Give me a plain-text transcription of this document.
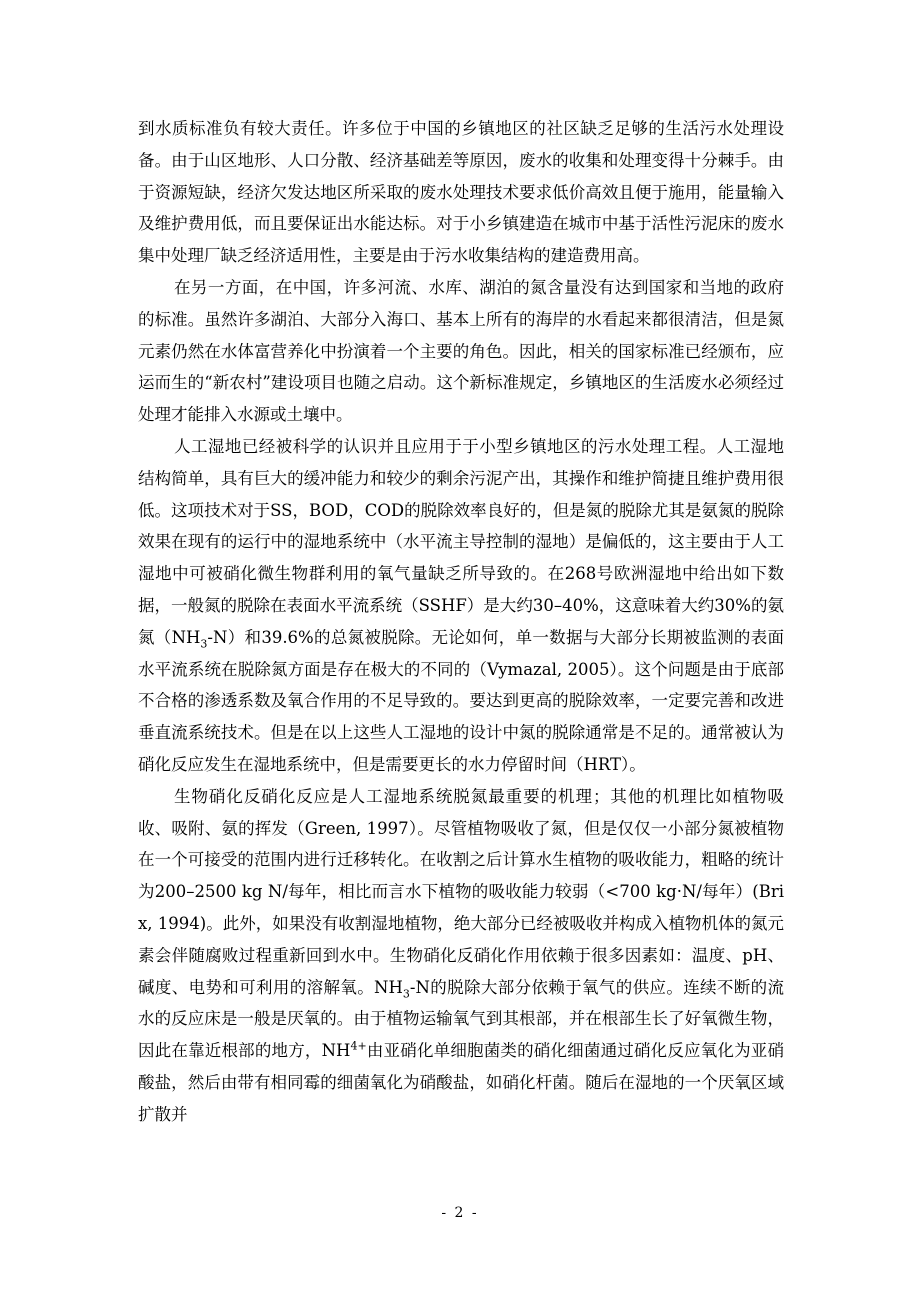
到水质标准负有较大责任。许多位于中国的乡镇地区的社区缺乏足够的生活污水处理设备。由于山区地形、人口分散、经济基础差等原因，废水的收集和处理变得十分棘手。由于资源短缺，经济欠发达地区所采取的废水处理技术要求低价高效且便于施用，能量输入及维护费用低，而且要保证出水能达标。对于小乡镇建造在城市中基于活性污泥床的废水集中处理厂缺乏经济适用性，主要是由于污水收集结构的建造费用高。

在另一方面，在中国，许多河流、水库、湖泊的氮含量没有达到国家和当地的政府的标准。虽然许多湖泊、大部分入海口、基本上所有的海岸的水看起来都很清洁，但是氮元素仍然在水体富营养化中扮演着一个主要的角色。因此，相关的国家标准已经颁布，应运而生的“新农村”建设项目也随之启动。这个新标准规定，乡镇地区的生活废水必须经过处理才能排入水源或土壤中。

人工湿地已经被科学的认识并且应用于于小型乡镇地区的污水处理工程。人工湿地结构简单，具有巨大的缓冲能力和较少的剩余污泥产出，其操作和维护简捷且维护费用很低。这项技术对于SS，BOD，COD的脱除效率良好的，但是氮的脱除尤其是氨氮的脱除效果在现有的运行中的湿地系统中（水平流主导控制的湿地）是偏低的，这主要由于人工湿地中可被硝化微生物群利用的氧气量缺乏所导致的。在268号欧洲湿地中给出如下数据，一般氮的脱除在表面水平流系统（SSHF）是大约30–40%，这意味着大约30%的氨氮$(NH_3-N)$和39.6%的总氮被脱除。无论如何，单一数据与大部分长期被监测的表面水平流系统在脱除氮方面是存在极大的不同的（Vymazal, 2005）。这个问题是由于底部不合格的渗透系数及氧合作用的不足导致的。要达到更高的脱除效率，一定要完善和改进垂直流系统技术。但是在以上这些人工湿地的设计中氮的脱除通常是不足的。通常被认为硝化反应发生在湿地系统中，但是需要更长的水力停留时间（HRT）。

生物硝化反硝化反应是人工湿地系统脱氮最重要的机理；其他的机理比如植物吸收、吸附、氨的挥发（Green, 1997）。尽管植物吸收了氮，但是仅仅一小部分氮被植物在一个可接受的范围内进行迁移转化。在收割之后计算水生植物的吸收能力，粗略的统计为200–2500 kg N/每年，相比而言水下植物的吸收能力较弱（<700 kg·N/每年）(Brix, 1994)。此外，如果没有收割湿地植物，绝大部分已经被吸收并构成入植物机体的氮元素会伴随腐败过程重新回到水中。生物硝化反硝化作用依赖于很多因素如：温度、pH、碱度、电势和可利用的溶解氧。$NH_3-N$的脱除大部分依赖于氧气的供应。连续不断的流水的反应床是一般是厌氧的。由于植物运输氧气到其根部，并在根部生长了好氧微生物，因此在靠近根部的地方，$NH^{4+}$由亚硝化单细胞菌类的硝化细菌通过硝化反应氧化为亚硝酸盐，然后由带有相同霉的细菌氧化为硝酸盐，如硝化杆菌。随后在湿地的一个厌氧区域扩散并

- 2 -
